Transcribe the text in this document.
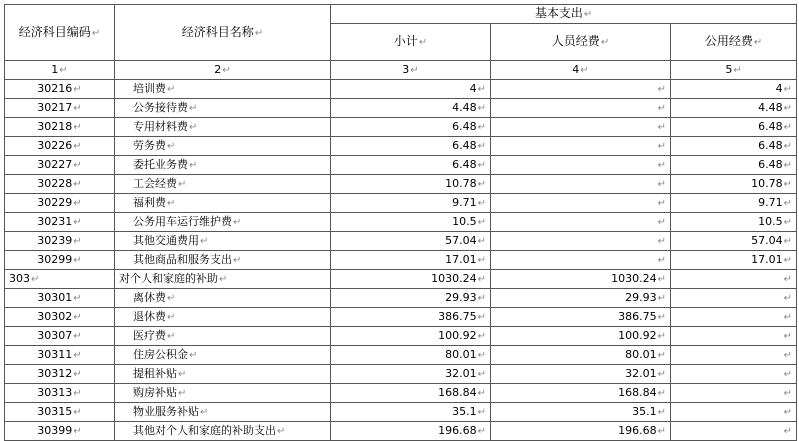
经济科目编码 ↵	经济科目名称 ↵	基本支出 ↵
		小计 ↵	人员经费 ↵	公用经费 ↵
1 ↵	2 ↵	3 ↵	4 ↵	5 ↵
30216 ↵	培训费 ↵	4 ↵	↵	4 ↵
30217 ↵	公务接待费 ↵	4.48 ↵	↵	4.48 ↵
30218 ↵	专用材料费 ↵	6.48 ↵	↵	6.48 ↵
30226 ↵	劳务费 ↵	6.48 ↵	↵	6.48 ↵
30227 ↵	委托业务费 ↵	6.48 ↵	↵	6.48 ↵
30228 ↵	工会经费 ↵	10.78 ↵	↵	10.78 ↵
30229 ↵	福利费 ↵	9.71 ↵	↵	9.71 ↵
30231 ↵	公务用车运行维护费 ↵	10.5 ↵	↵	10.5 ↵
30239 ↵	其他交通费用 ↵	57.04 ↵	↵	57.04 ↵
30299 ↵	其他商品和服务支出 ↵	17.01 ↵	↵	17.01 ↵
303 ↵	对个人和家庭的补助 ↵	1030.24 ↵	1030.24 ↵	↵
30301 ↵	离休费 ↵	29.93 ↵	29.93 ↵	↵
30302 ↵	退休费 ↵	386.75 ↵	386.75 ↵	↵
30307 ↵	医疗费 ↵	100.92 ↵	100.92 ↵	↵
30311 ↵	住房公积金 ↵	80.01 ↵	80.01 ↵	↵
30312 ↵	提租补贴 ↵	32.01 ↵	32.01 ↵	↵
30313 ↵	购房补贴 ↵	168.84 ↵	168.84 ↵	↵
30315 ↵	物业服务补贴 ↵	35.1 ↵	35.1 ↵	↵
30399 ↵	其他对个人和家庭的补助支出 ↵	196.68 ↵	196.68 ↵	↵
